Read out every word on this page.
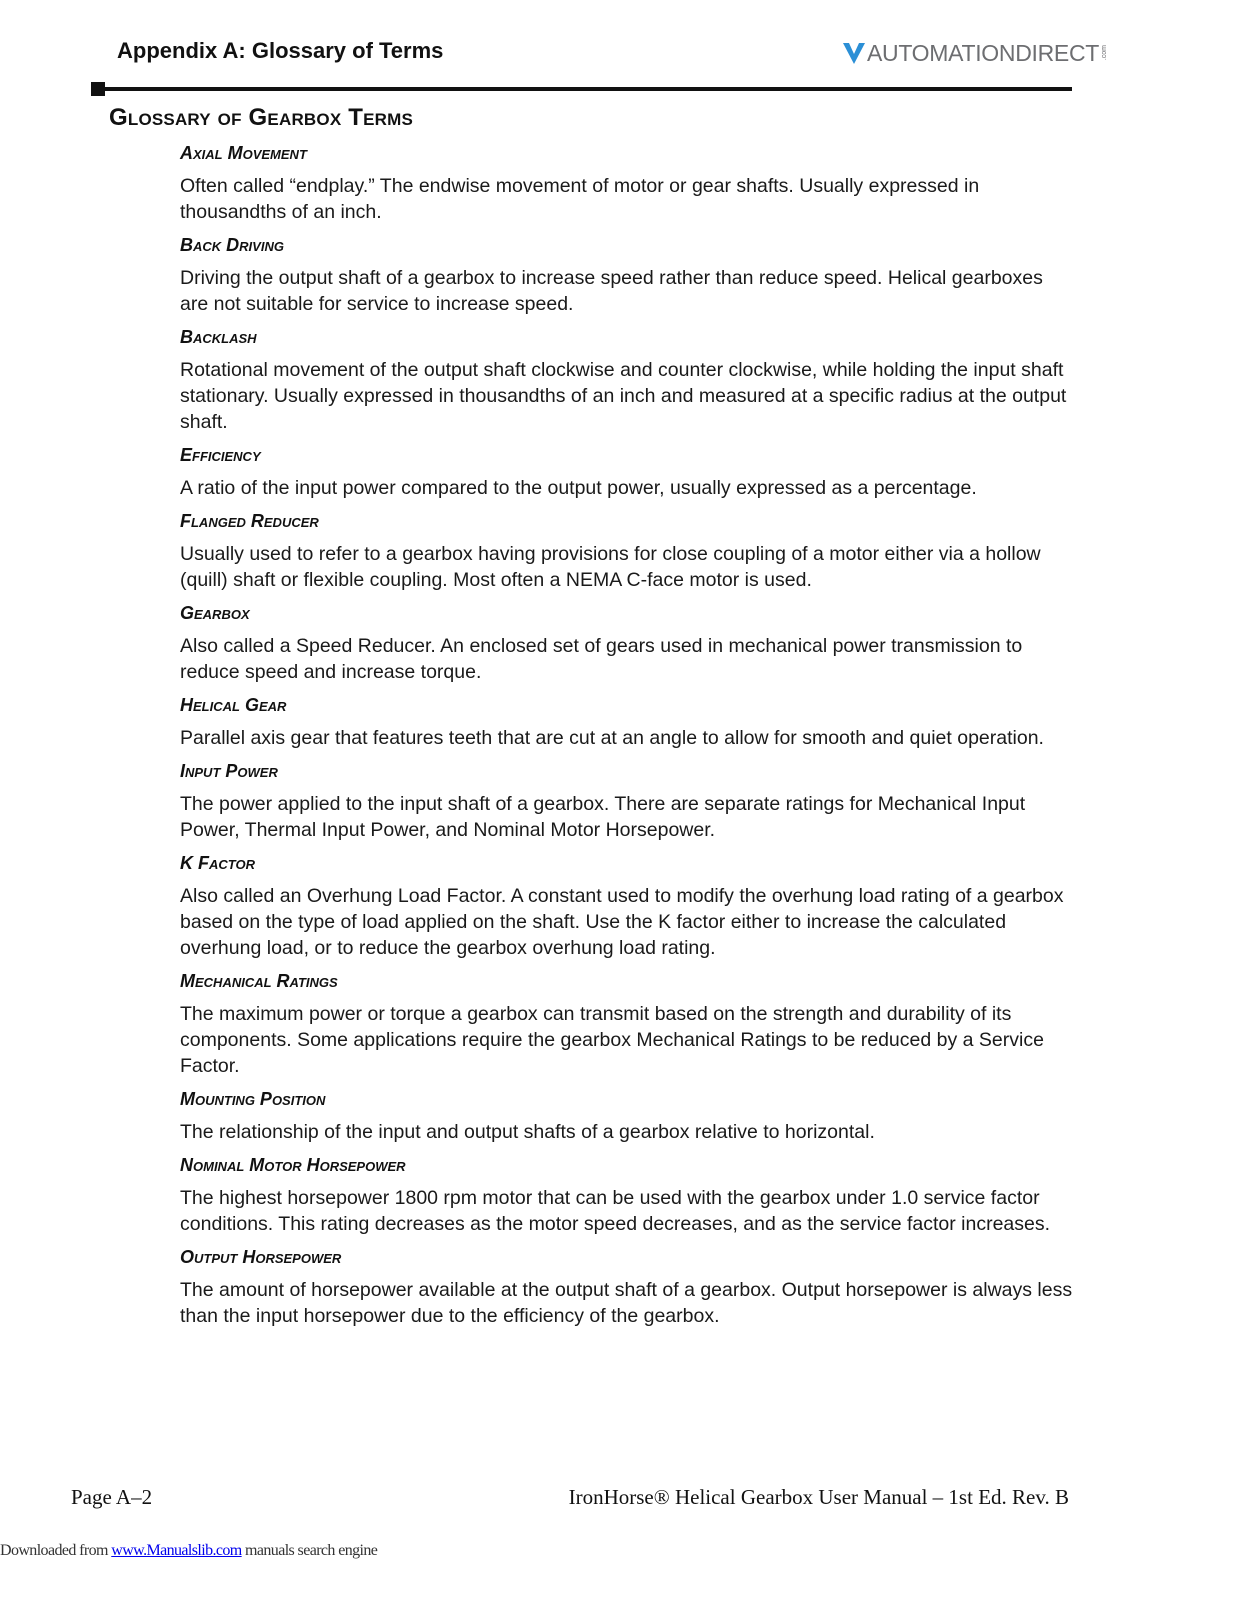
Appendix A: Glossary of Terms	AUTOMATIONDIRECT .com
Glossary of Gearbox Terms
Axial Movement
Often called “endplay.” The endwise movement of motor or gear shafts. Usually expressed in thousandths of an inch.
Back Driving
Driving the output shaft of a gearbox to increase speed rather than reduce speed. Helical gearboxes are not suitable for service to increase speed.
Backlash
Rotational movement of the output shaft clockwise and counter clockwise, while holding the input shaft stationary. Usually expressed in thousandths of an inch and measured at a specific radius at the output shaft.
Efficiency
A ratio of the input power compared to the output power, usually expressed as a percentage.
Flanged Reducer
Usually used to refer to a gearbox having provisions for close coupling of a motor either via a hollow (quill) shaft or flexible coupling. Most often a NEMA C-face motor is used.
Gearbox
Also called a Speed Reducer. An enclosed set of gears used in mechanical power transmission to reduce speed and increase torque.
Helical Gear
Parallel axis gear that features teeth that are cut at an angle to allow for smooth and quiet operation.
Input Power
The power applied to the input shaft of a gearbox. There are separate ratings for Mechanical Input Power, Thermal Input Power, and Nominal Motor Horsepower.
K Factor
Also called an Overhung Load Factor. A constant used to modify the overhung load rating of a gearbox based on the type of load applied on the shaft. Use the K factor either to increase the calculated overhung load, or to reduce the gearbox overhung load rating.
Mechanical Ratings
The maximum power or torque a gearbox can transmit based on the strength and durability of its components. Some applications require the gearbox Mechanical Ratings to be reduced by a Service Factor.
Mounting Position
The relationship of the input and output shafts of a gearbox relative to horizontal.
Nominal Motor Horsepower
The highest horsepower 1800 rpm motor that can be used with the gearbox under 1.0 service factor conditions. This rating decreases as the motor speed decreases, and as the service factor increases.
Output Horsepower
The amount of horsepower available at the output shaft of a gearbox. Output horsepower is always less than the input horsepower due to the efficiency of the gearbox.
Page A–2	IronHorse® Helical Gearbox User Manual – 1st Ed. Rev. B
Downloaded from www.Manualslib.com manuals search engine
